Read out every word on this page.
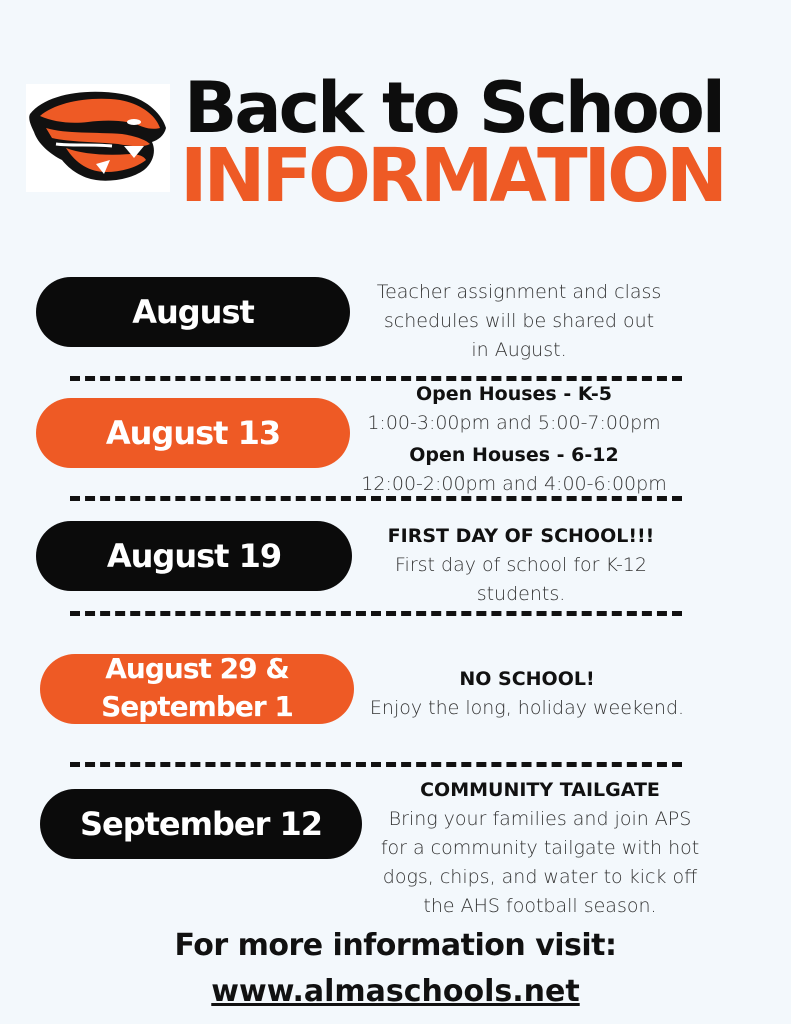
Back to School
INFORMATION
August
Teacher assignment and class
schedules will be shared out
in August.
August 13
Open Houses - K-5
1:00-3:00pm and 5:00-7:00pm
Open Houses - 6-12
12:00-2:00pm and 4:00-6:00pm
August 19
FIRST DAY OF SCHOOL!!!
First day of school for K-12
students.
August 29 &
September 1
NO SCHOOL!
Enjoy the long, holiday weekend.
September 12
COMMUNITY TAILGATE
Bring your families and join APS
for a community tailgate with hot
dogs, chips, and water to kick off
the AHS football season.
For more information visit:
www.almaschools.net
